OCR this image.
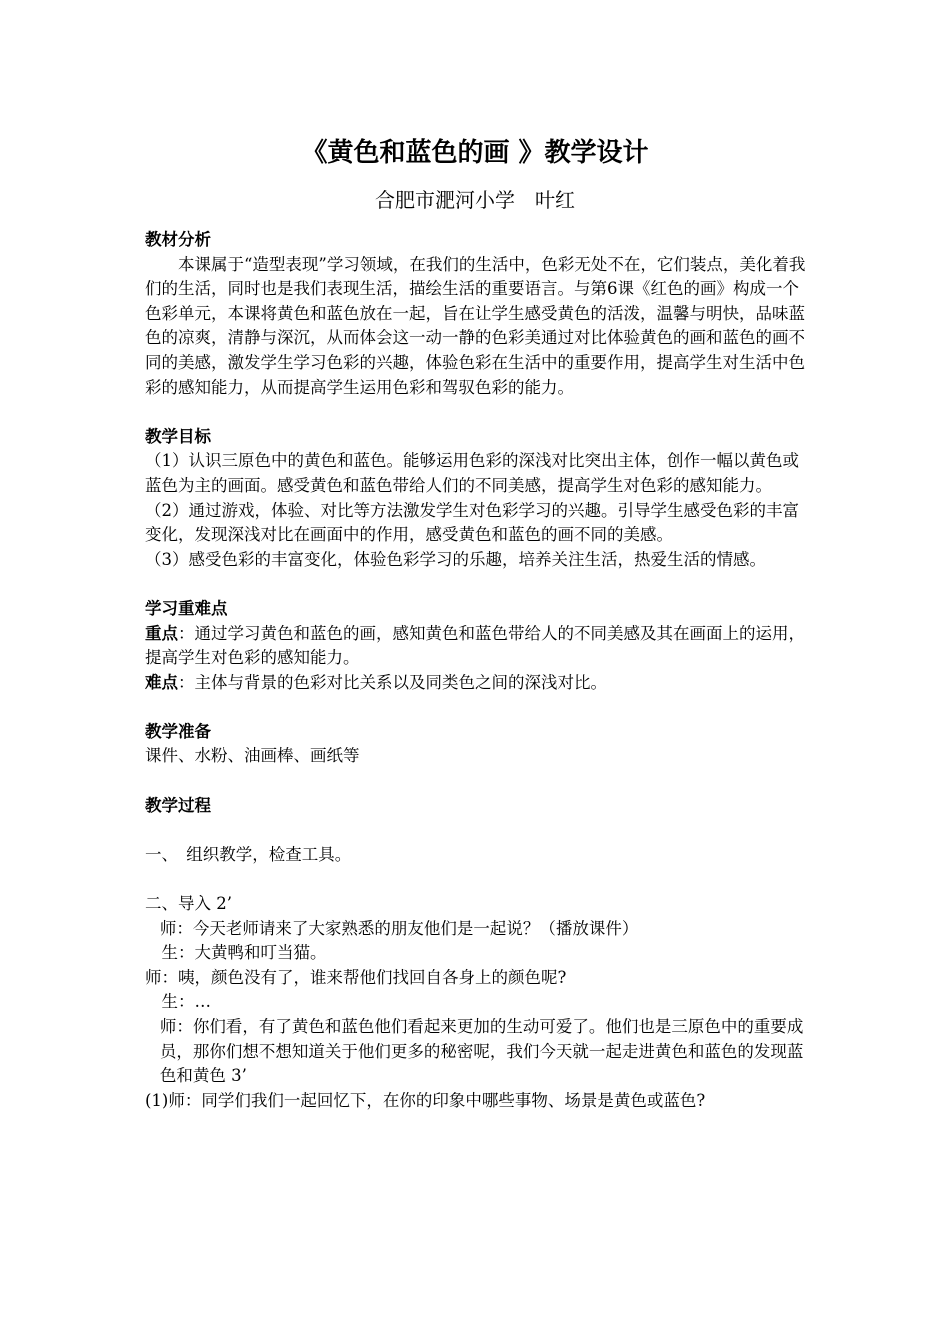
《黄色和蓝色的画 》教学设计
合肥市淝河小学　叶红

教材分析

本课属于“造型表现”学习领域，在我们的生活中，色彩无处不在，它们装点，美化着我们的生活，同时也是我们表现生活，描绘生活的重要语言。与第6课《红色的画》构成一个色彩单元，本课将黄色和蓝色放在一起，旨在让学生感受黄色的活泼，温馨与明快，品味蓝色的凉爽，清静与深沉，从而体会这一动一静的色彩美通过对比体验黄色的画和蓝色的画不同的美感，激发学生学习色彩的兴趣，体验色彩在生活中的重要作用，提高学生对生活中色彩的感知能力，从而提高学生运用色彩和驾驭色彩的能力。

教学目标

（1）认识三原色中的黄色和蓝色。能够运用色彩的深浅对比突出主体，创作一幅以黄色或蓝色为主的画面。感受黄色和蓝色带给人们的不同美感，提高学生对色彩的感知能力。

（2）通过游戏，体验、对比等方法激发学生对色彩学习的兴趣。引导学生感受色彩的丰富变化，发现深浅对比在画面中的作用，感受黄色和蓝色的画不同的美感。

（3）感受色彩的丰富变化，体验色彩学习的乐趣，培养关注生活，热爱生活的情感。

学习重难点

重点：通过学习黄色和蓝色的画，感知黄色和蓝色带给人的不同美感及其在画面上的运用，提高学生对色彩的感知能力。

难点：主体与背景的色彩对比关系以及同类色之间的深浅对比。

教学准备

课件、水粉、油画棒、画纸等

教学过程

一、　组织教学，检查工具。

二、导入 2’

师：今天老师请来了大家熟悉的朋友他们是一起说？（播放课件）

生：大黄鸭和叮当猫。

师：咦，颜色没有了，谁来帮他们找回自各身上的颜色呢?

生：…

师：你们看，有了黄色和蓝色他们看起来更加的生动可爱了。他们也是三原色中的重要成员，那你们想不想知道关于他们更多的秘密呢，我们今天就一起走进黄色和蓝色的发现蓝色和黄色 3’

(1)师：同学们我们一起回忆下，在你的印象中哪些事物、场景是黄色或蓝色?
